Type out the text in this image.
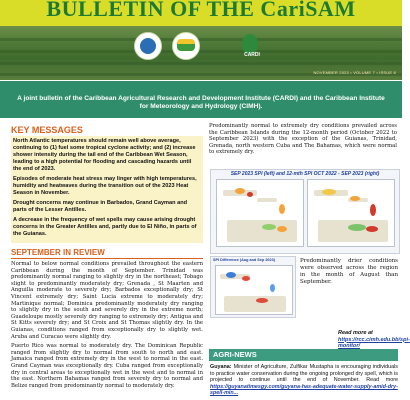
BULLETIN OF THE CariSAM
CARDI
NOVEMBER 2023 • VOLUME 7 • ISSUE 8
A joint bulletin of the Caribbean Agricultural Research and Development Institute (CARDI) and the Caribbean Institute for Meteorology and Hydrology (CIMH).
KEY MESSAGES

North Atlantic temperatures should remain well above average, continuing to (1) fuel some tropical cyclone activity; and (2) increase shower intensity during the tail end of the Caribbean Wet Season, leading to a high potential for flooding and cascading hazards until the end of 2023.

Episodes of moderate heat stress may linger with high temperatures, humidity and heatwaves during the transition out of the 2023 Heat Season in November.

Drought concerns may continue in Barbados, Grand Cayman and parts of the Lesser Antilles.

A decrease in the frequency of wet spells may cause arising drought concerns in the Greater Antilles and, partly due to El Niño, in parts of the Guianas.

SEPTEMBER IN REVIEW

Normal to below normal conditions prevailed throughout the eastern Caribbean during the month of September. Trinidad was predominantly normal ranging to slightly dry in the northeast; Tobago slight to predominantly moderately dry; Grenada , St Maarten and Anguilla moderate to severely dry; Barbados exceptionally dry; St Vincent extremely dry; Saint Lucia extreme to moderately dry; Martinique normal; Dominica predominantly moderately dry ranging to slightly dry in the south and severely dry in the extreme north; Guadeloupe mostly severely dry ranging to extremely dry; Antigua and St Kitts severely dry; and St Croix and St Thomas slightly dry. In the Guianas, conditions ranged from exceptionally dry to slightly wet. Aruba and Curacao were slightly dry.

Puerto Rico was normal to moderately dry. The Dominican Republic ranged from slightly dry to normal from south to north and east. Jamaica ranged from extremely dry in the west to normal in the east. Grand Cayman was exceptionally dry. Cuba ranged from exceptionally dry in central areas to exceptionally wet in the west and to normal in the east. Northern Bahamas ranged from severely dry to normal and Belize ranged from predominantly normal to moderately dry.

Predominantly normal to extremely dry conditions prevailed across the Caribbean Islands during the 12-month period (October 2022 to September 2023) with the exception of the Guianas, Trinidad, Grenada, north western Cuba and The Bahamas, which were normal to extremely dry.

SEP 2023 SPI (left) and 12-mth SPI OCT 2022 - SEP 2023 (right)
SPI Difference (Aug and Sep 2023)	Predominantly drier conditions were observed across the region in the month of August than September.
Read more at https://rcc.cimh.edu.bb/spi-monitor/
AGRI-NEWS
Guyana: Minister of Agriculture, Zulfikar Mustapha is encouraging individuals to practice water conservation during the ongoing prolonged dry spell, which is projected to continue until the end of November. Read more https://guyanatimesgy.com/guyana-has-adequate-water-supply-amid-dry-spell-min...
